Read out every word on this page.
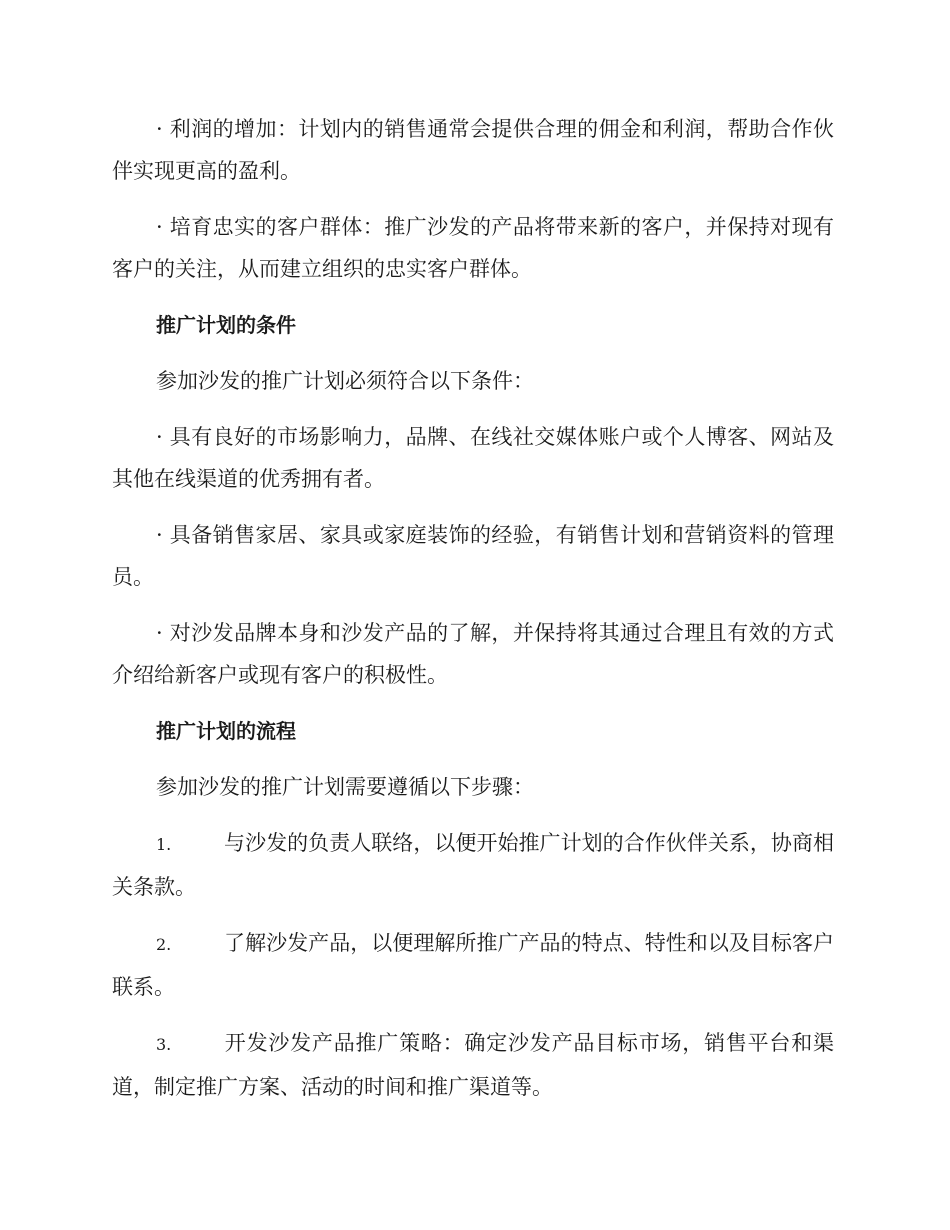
· 利润的增加：计划内的销售通常会提供合理的佣金和利润，帮助合作伙伴实现更高的盈利。

· 培育忠实的客户群体：推广沙发的产品将带来新的客户，并保持对现有客户的关注，从而建立组织的忠实客户群体。

推广计划的条件

参加沙发的推广计划必须符合以下条件：

· 具有良好的市场影响力，品牌、在线社交媒体账户或个人博客、网站及其他在线渠道的优秀拥有者。

· 具备销售家居、家具或家庭装饰的经验，有销售计划和营销资料的管理员。

· 对沙发品牌本身和沙发产品的了解，并保持将其通过合理且有效的方式介绍给新客户或现有客户的积极性。

推广计划的流程

参加沙发的推广计划需要遵循以下步骤：

1.	与沙发的负责人联络，以便开始推广计划的合作伙伴关系，协商相关条款。

2.	了解沙发产品，以便理解所推广产品的特点、特性和以及目标客户联系。

3.	开发沙发产品推广策略：确定沙发产品目标市场，销售平台和渠道，制定推广方案、活动的时间和推广渠道等。
